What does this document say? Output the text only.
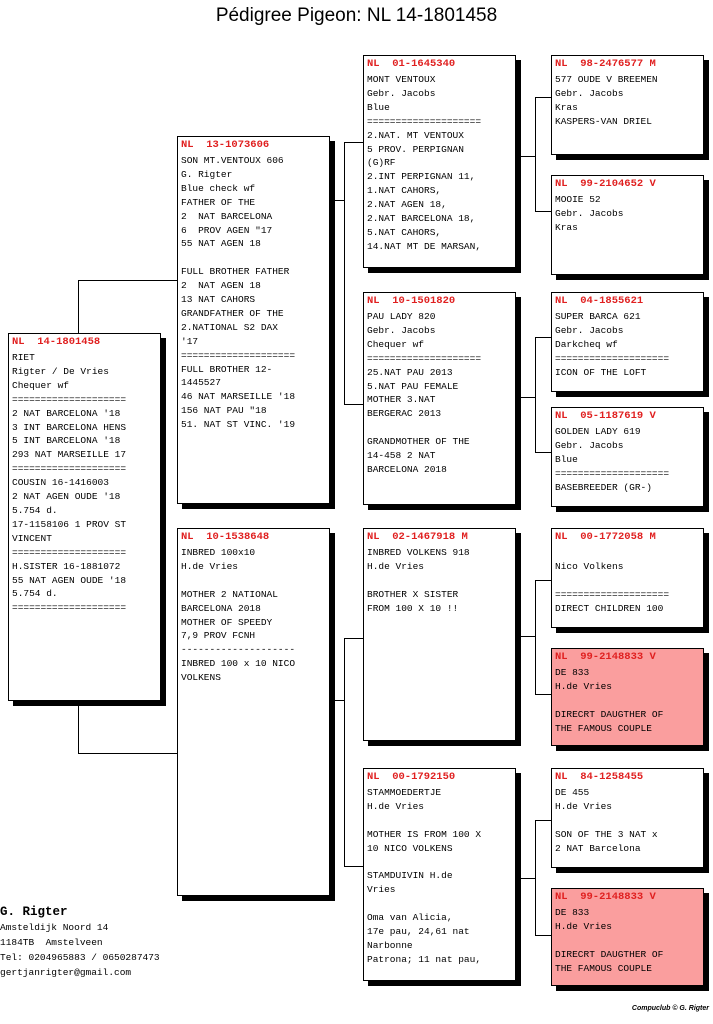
Pédigree Pigeon: NL 14-1801458
NL  14-1801458
RIET
Rigter / De Vries
Chequer wf
====================
2 NAT BARCELONA '18
3 INT BARCELONA HENS
5 INT BARCELONA '18
293 NAT MARSEILLE 17
====================
COUSIN 16-1416003
2 NAT AGEN OUDE '18
5.754 d.
17-1158106 1 PROV ST
VINCENT
====================
H.SISTER 16-1881072
55 NAT AGEN OUDE '18
5.754 d.
====================
NL  13-1073606
SON MT.VENTOUX 606
G. Rigter
Blue check wf
FATHER OF THE
2  NAT BARCELONA
6  PROV AGEN "17
55 NAT AGEN 18
FULL BROTHER FATHER
2  NAT AGEN 18
13 NAT CAHORS
GRANDFATHER OF THE
2.NATIONAL S2 DAX
'17
====================
FULL BROTHER 12-
1445527
46 NAT MARSEILLE '18
156 NAT PAU "18
51. NAT ST VINC. '19
NL  10-1538648
INBRED 100x10
H.de Vries
MOTHER 2 NATIONAL
BARCELONA 2018
MOTHER OF SPEEDY
7,9 PROV FCNH
--------------------
INBRED 100 x 10 NICO
VOLKENS
NL  01-1645340
MONT VENTOUX
Gebr. Jacobs
Blue
====================
2.NAT. MT VENTOUX
5 PROV. PERPIGNAN
(G)RF
2.INT PERPIGNAN 11,
1.NAT CAHORS,
2.NAT AGEN 18,
2.NAT BARCELONA 18,
5.NAT CAHORS,
14.NAT MT DE MARSAN,
NL  10-1501820
PAU LADY 820
Gebr. Jacobs
Chequer wf
====================
25.NAT PAU 2013
5.NAT PAU FEMALE
MOTHER 3.NAT
BERGERAC 2013
GRANDMOTHER OF THE
14-458 2 NAT
BARCELONA 2018
NL  02-1467918 M
INBRED VOLKENS 918
H.de Vries
BROTHER X SISTER
FROM 100 X 10 !!
NL  00-1792150
STAMMOEDERTJE
H.de Vries
MOTHER IS FROM 100 X
10 NICO VOLKENS
STAMDUIVIN H.de
Vries
Oma van Alicia,
17e pau, 24,61 nat
Narbonne
Patrona; 11 nat pau,
NL  98-2476577 M
577 OUDE V BREEMEN
Gebr. Jacobs
Kras
KASPERS-VAN DRIEL
NL  99-2104652 V
MOOIE 52
Gebr. Jacobs
Kras
NL  04-1855621
SUPER BARCA 621
Gebr. Jacobs
Darkcheq wf
====================
ICON OF THE LOFT
NL  05-1187619 V
GOLDEN LADY 619
Gebr. Jacobs
Blue
====================
BASEBREEDER (GR-)
NL  00-1772058 M
Nico Volkens
====================
DIRECT CHILDREN 100
NL  99-2148833 V
DE 833
H.de Vries
DIRECRT DAUGTHER OF
THE FAMOUS COUPLE
NL  84-1258455
DE 455
H.de Vries
SON OF THE 3 NAT x
2 NAT Barcelona
NL  99-2148833 V
DE 833
H.de Vries
DIRECRT DAUGTHER OF
THE FAMOUS COUPLE
G. Rigter
Amsteldijk Noord 14
1184TB  Amstelveen
Tel: 0204965883 / 0650287473
gertjanrigter@gmail.com
Compuclub © G. Rigter
